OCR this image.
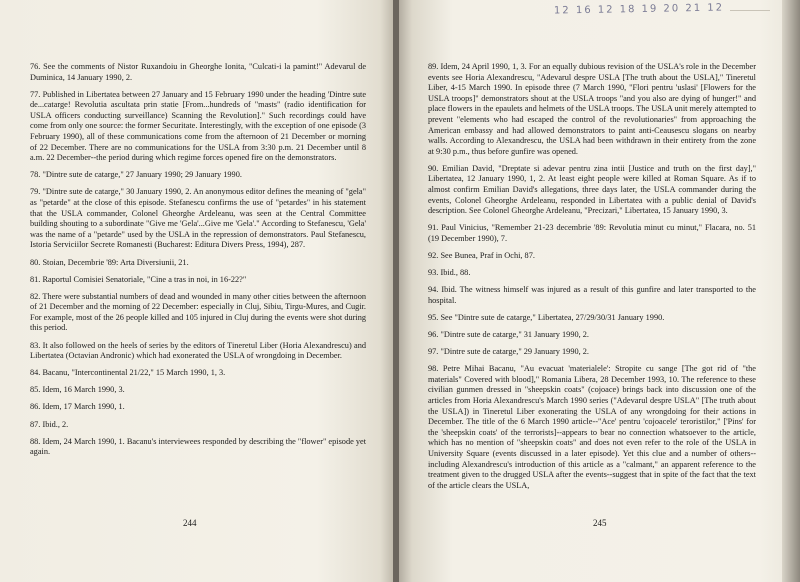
76. See the comments of Nistor Ruxandoiu in Gheorghe Ionita, "Culcati-i la pamint!" Adevarul de Duminica, 14 January 1990, 2.

77. Published in Libertatea between 27 January and 15 February 1990 under the heading 'Dintre sute de...catarge! Revolutia ascultata prin statie [From...hundreds of "masts" (radio identification for USLA officers conducting surveillance) Scanning the Revolution]." Such recordings could have come from only one source: the former Securitate. Interestingly, with the exception of one episode (3 February 1990), all of these communications come from the afternoon of 21 December or morning of 22 December. There are no communications for the USLA from 3:30 p.m. 21 December until 8 a.m. 22 December--the period during which regime forces opened fire on the demonstrators.

78. "Dintre sute de catarge," 27 January 1990; 29 January 1990.

79. "Dintre sute de catarge," 30 January 1990, 2. An anonymous editor defines the meaning of "gela" as "petarde" at the close of this episode. Stefanescu confirms the use of "petardes" in his statement that the USLA commander, Colonel Gheorghe Ardeleanu, was seen at the Central Committee building shouting to a subordinate "Give me 'Gela'...Give me 'Gela'." According to Stefanescu, 'Gela' was the name of a "petarde" used by the USLA in the repression of demonstrators. Paul Stefanescu, Istoria Serviciilor Secrete Romanesti (Bucharest: Editura Divers Press, 1994), 287.

80. Stoian, Decembrie '89: Arta Diversiunii, 21.

81. Raportul Comisiei Senatoriale, "Cine a tras in noi, in 16-22?"

82. There were substantial numbers of dead and wounded in many other cities between the afternoon of 21 December and the morning of 22 December: especially in Cluj, Sibiu, Tirgu-Mures, and Cugir. For example, most of the 26 people killed and 105 injured in Cluj during the events were shot during this period.

83. It also followed on the heels of series by the editors of Tineretul Liber (Horia Alexandrescu) and Libertatea (Octavian Andronic) which had exonerated the USLA of wrongdoing in December.

84. Bacanu, "Intercontinental 21/22," 15 March 1990, 1, 3.

85. Idem, 16 March 1990, 3.

86. Idem, 17 March 1990, 1.

87. Ibid., 2.

88. Idem, 24 March 1990, 1. Bacanu's interviewees responded by describing the "flower" episode yet again.

244
12 16 12 18 19 20 21 12

89. Idem, 24 April 1990, 1, 3. For an equally dubious revision of the USLA's role in the December events see Horia Alexandrescu, "Adevarul despre USLA [The truth about the USLA]," Tineretul Liber, 4-15 March 1990. In episode three (7 March 1990, "Flori pentru 'uslasi' [Flowers for the USLA troops]" demonstrators shout at the USLA troops "and you also are dying of hunger!" and place flowers in the epaulets and helmets of the USLA troops. The USLA unit merely attempted to prevent "elements who had escaped the control of the revolutionaries" from approaching the American embassy and had allowed demonstrators to paint anti-Ceausescu slogans on nearby walls. According to Alexandrescu, the USLA had been withdrawn in their entirety from the zone at 9:30 p.m., thus before gunfire was opened.

90. Emilian David, "Dreptate si adevar pentru zina intii [Justice and truth on the first day]," Libertatea, 12 January 1990, 1, 2. At least eight people were killed at Roman Square. As if to almost confirm Emilian David's allegations, three days later, the USLA commander during the events, Colonel Gheorghe Ardeleanu, responded in Libertatea with a public denial of David's description. See Colonel Gheorghe Ardeleanu, "Precizari," Libertatea, 15 January 1990, 3.

91. Paul Vinicius, "Remember 21-23 decembrie '89: Revolutia minut cu minut," Flacara, no. 51 (19 December 1990), 7.

92. See Bunea, Praf in Ochi, 87.

93. Ibid., 88.

94. Ibid. The witness himself was injured as a result of this gunfire and later transported to the hospital.

95. See "Dintre sute de catarge," Libertatea, 27/29/30/31 January 1990.

96. "Dintre sute de catarge," 31 January 1990, 2.

97. "Dintre sute de catarge," 29 January 1990, 2.

98. Petre Mihai Bacanu, "Au evacuat 'materialele': Stropite cu sange [The got rid of "the materials" Covered with blood]," Romania Libera, 28 December 1993, 10. The reference to these civilian gunmen dressed in "sheepskin coats" (cojoace) brings back into discussion one of the articles from Horia Alexandrescu's March 1990 series ("Adevarul despre USLA" [The truth about the USLA]) in Tineretul Liber exonerating the USLA of any wrongdoing for their actions in December. The title of the 6 March 1990 article--"Ace' pentru 'cojoacele' teroristilor," ['Pins' for the 'sheepskin coats' of the terrorists]--appears to bear no connection whatsoever to the article, which has no mention of "sheepskin coats" and does not even refer to the role of the USLA in University Square (events discussed in a later episode). Yet this clue and a number of others--including Alexandrescu's introduction of this article as a "calmant," an apparent reference to the treatment given to the drugged USLA after the events--suggest that in spite of the fact that the text of the article clears the USLA,

245
